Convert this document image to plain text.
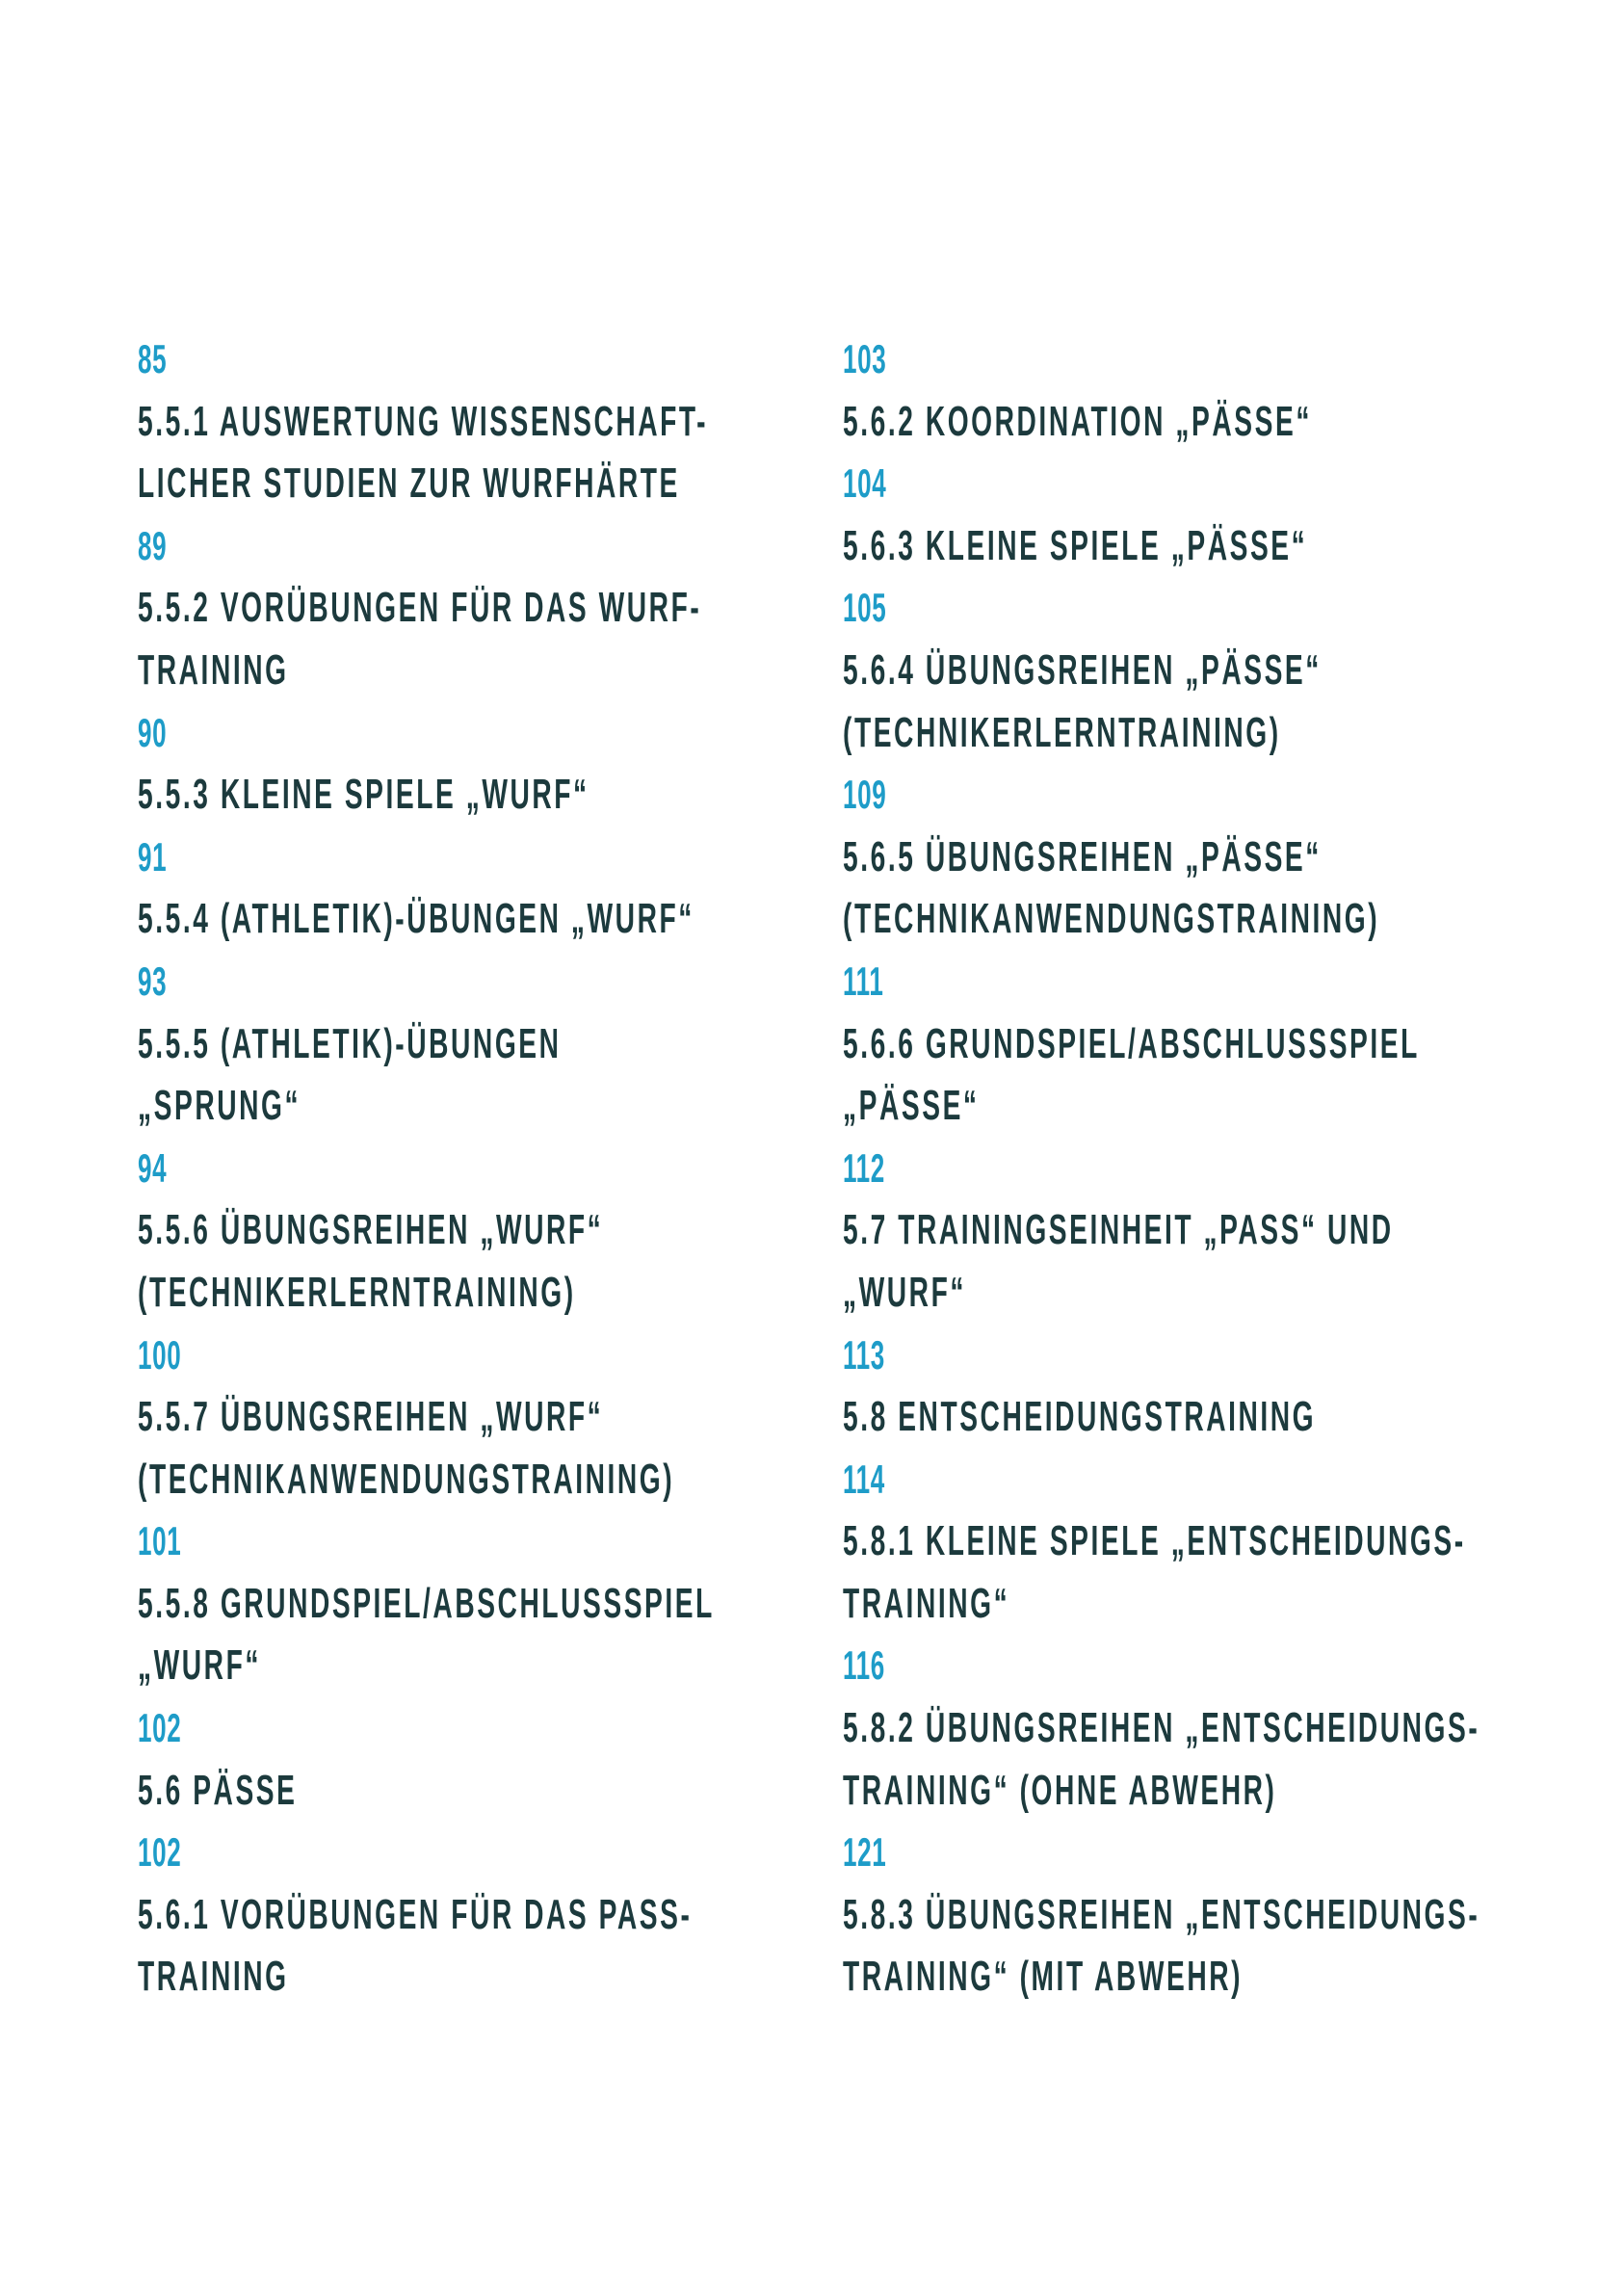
85
5.5.1 AUSWERTUNG WISSENSCHAFT-
LICHER STUDIEN ZUR WURFHÄRTE
89
5.5.2 VORÜBUNGEN FÜR DAS WURF-
TRAINING
90
5.5.3 KLEINE SPIELE „WURF“
91
5.5.4 (ATHLETIK)-ÜBUNGEN „WURF“
93
5.5.5 (ATHLETIK)-ÜBUNGEN
„SPRUNG“
94
5.5.6 ÜBUNGSREIHEN „WURF“
(TECHNIKERLERNTRAINING)
100
5.5.7 ÜBUNGSREIHEN „WURF“
(TECHNIKANWENDUNGSTRAINING)
101
5.5.8 GRUNDSPIEL/ABSCHLUSSSPIEL
„WURF“
102
5.6 PÄSSE
102
5.6.1 VORÜBUNGEN FÜR DAS PASS-
TRAINING
103
5.6.2 KOORDINATION „PÄSSE“
104
5.6.3 KLEINE SPIELE „PÄSSE“
105
5.6.4 ÜBUNGSREIHEN „PÄSSE“
(TECHNIKERLERNTRAINING)
109
5.6.5 ÜBUNGSREIHEN „PÄSSE“
(TECHNIKANWENDUNGSTRAINING)
111
5.6.6 GRUNDSPIEL/ABSCHLUSSSPIEL
„PÄSSE“
112
5.7 TRAININGSEINHEIT „PASS“ UND
„WURF“
113
5.8 ENTSCHEIDUNGSTRAINING
114
5.8.1 KLEINE SPIELE „ENTSCHEIDUNGS-
TRAINING“
116
5.8.2 ÜBUNGSREIHEN „ENTSCHEIDUNGS-
TRAINING“ (OHNE ABWEHR)
121
5.8.3 ÜBUNGSREIHEN „ENTSCHEIDUNGS-
TRAINING“ (MIT ABWEHR)
